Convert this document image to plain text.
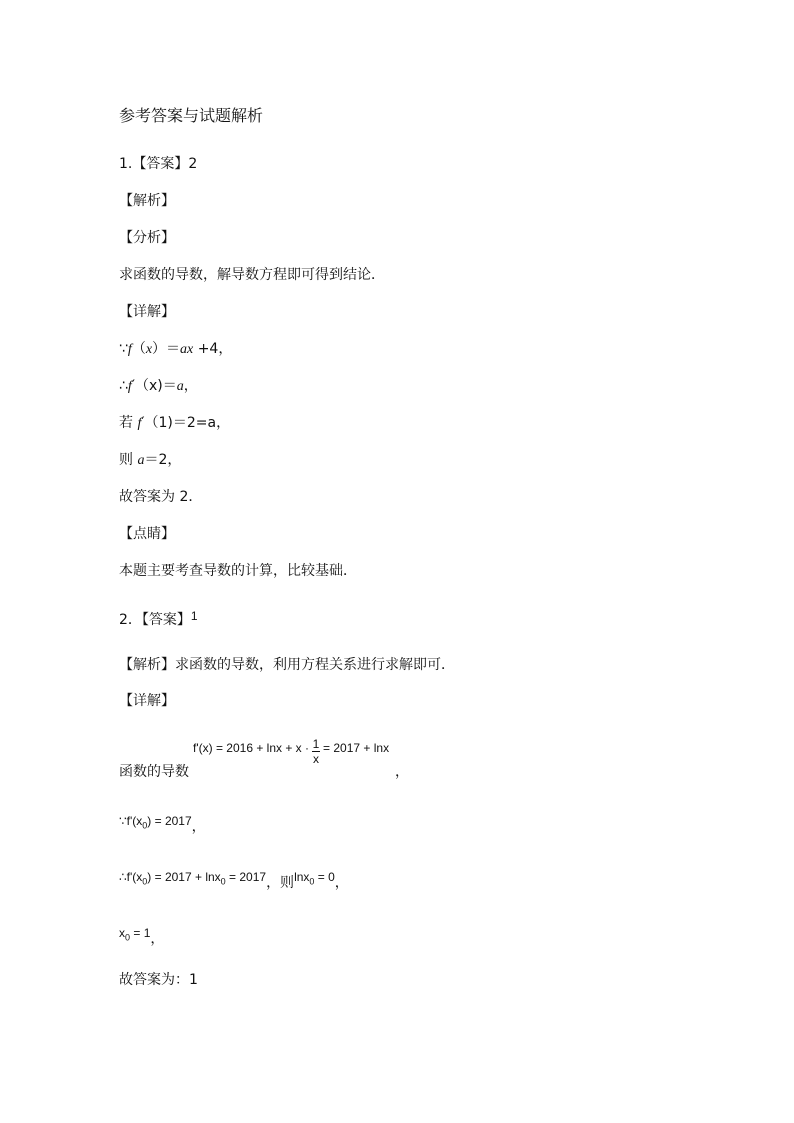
参考答案与试题解析
1.【答案】2
【解析】
【分析】
求函数的导数，解导数方程即可得到结论．
【详解】
∵f（x）＝ax +4，
∴f′（x)＝a，
若 f′（1)＝2=a，
则 a＝2，
故答案为 2．
【点睛】
本题主要考查导数的计算，比较基础．
2．【答案】1
【解析】求函数的导数，利用方程关系进行求解即可．
【详解】
函数的导数
$f'(x) = 2016 + \ln x + x \cdot \frac{1}{x} = 2017 + \ln x$
，
$\because f'(x_0) = 2017$，
$\therefore f'(x_0) = 2017 + \ln x_0 = 2017$，则lnx$_0$ = 0，
$x_0 = 1$，
故答案为：1
